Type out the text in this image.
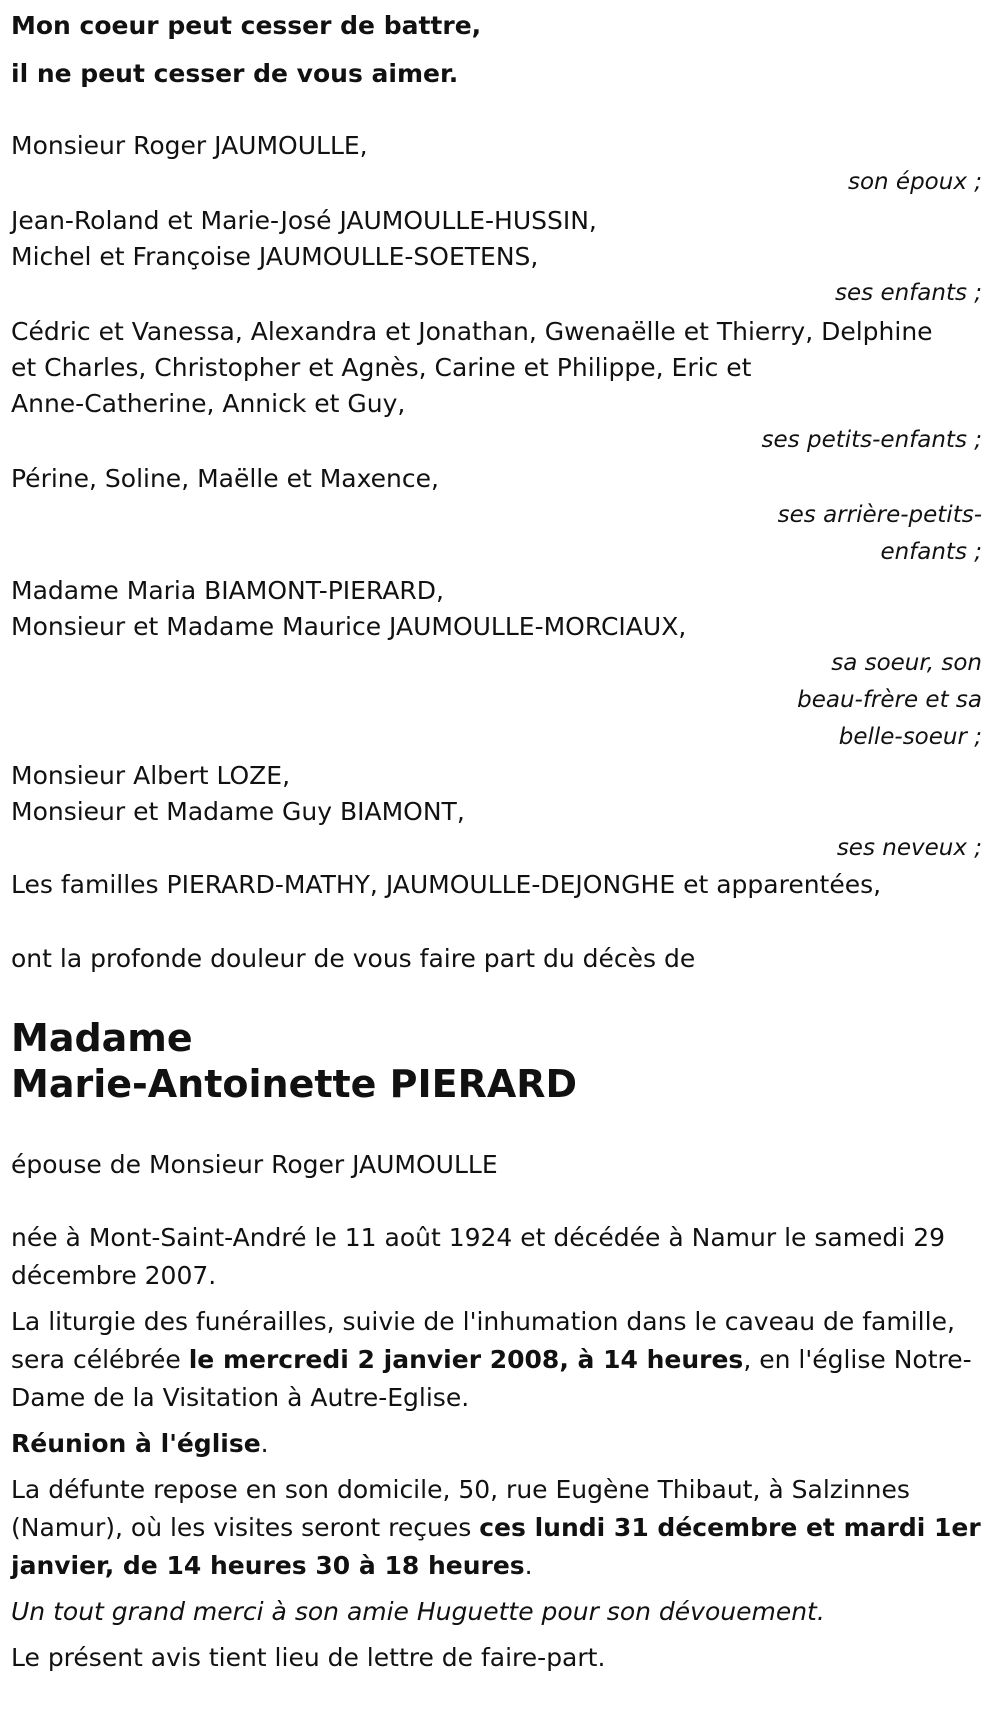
Mon coeur peut cesser de battre,

il ne peut cesser de vous aimer.

Monsieur Roger JAUMOULLE,

son époux ;

Jean-Roland et Marie-José JAUMOULLE-HUSSIN,

Michel et Françoise JAUMOULLE-SOETENS,

ses enfants ;

Cédric et Vanessa, Alexandra et Jonathan, Gwenaëlle et Thierry, Delphine

et Charles, Christopher et Agnès, Carine et Philippe, Eric et

Anne-Catherine, Annick et Guy,

ses petits-enfants ;

Périne, Soline, Maëlle et Maxence,

ses arrière-petits-

enfants ;

Madame Maria BIAMONT-PIERARD,

Monsieur et Madame Maurice JAUMOULLE-MORCIAUX,

sa soeur, son

beau-frère et sa

belle-soeur ;

Monsieur Albert LOZE,

Monsieur et Madame Guy BIAMONT,

ses neveux ;

Les familles PIERARD-MATHY, JAUMOULLE-DEJONGHE et apparentées,

ont la profonde douleur de vous faire part du décès de

Madame

Marie-Antoinette PIERARD

épouse de Monsieur Roger JAUMOULLE

née à Mont-Saint-André le 11 août 1924 et décédée à Namur le samedi 29 décembre 2007.

La liturgie des funérailles, suivie de l'inhumation dans le caveau de famille, sera célébrée le mercredi 2 janvier 2008, à 14 heures, en l'église Notre-Dame de la Visitation à Autre-Eglise.

Réunion à l'église.

La défunte repose en son domicile, 50, rue Eugène Thibaut, à Salzinnes (Namur), où les visites seront reçues ces lundi 31 décembre et mardi 1er janvier, de 14 heures 30 à 18 heures.

Un tout grand merci à son amie Huguette pour son dévouement.

Le présent avis tient lieu de lettre de faire-part.
